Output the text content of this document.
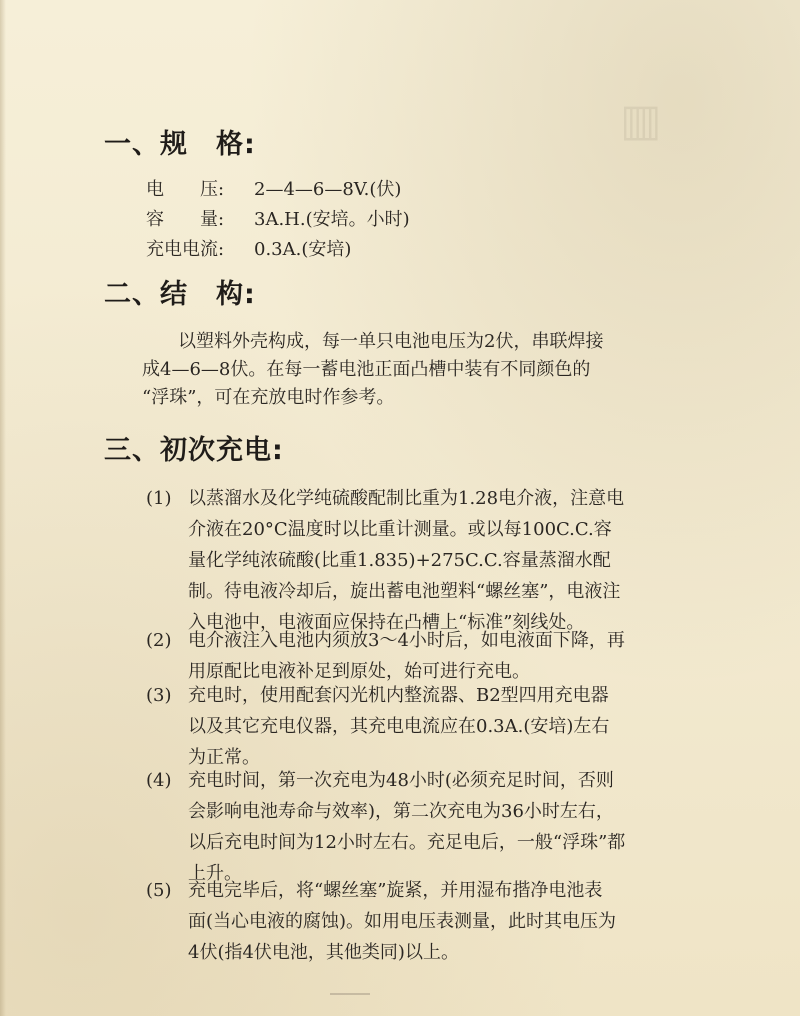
▥
一、规 格:
电　　压: 2—4—6—8V.(伏)
容　　量: 3A.H.(安培。小时)
充电电流: 0.3A.(安培)
二、结 构:
以塑料外壳构成，每一单只电池电压为2伏，串联焊接
成4—6—8伏。在每一蓄电池正面凸槽中装有不同颜色的
“浮珠”，可在充放电时作参考。
三、初次充电:
(1) 以蒸溜水及化学纯硫酸配制比重为1.28电介液，注意电
介液在20°C温度时以比重计测量。或以每100C.C.容
量化学纯浓硫酸(比重1.835)+275C.C.容量蒸溜水配
制。待电液冷却后，旋出蓄电池塑料“螺丝塞”，电液注
入电池中，电液面应保持在凸槽上“标准”刻线处。
(2) 电介液注入电池内须放3～4小时后，如电液面下降，再
用原配比电液补足到原处，始可进行充电。
(3) 充电时，使用配套闪光机内整流器、B2型四用充电器
以及其它充电仪器，其充电电流应在0.3A.(安培)左右
为正常。
(4) 充电时间，第一次充电为48小时(必须充足时间，否则
会影响电池寿命与效率)，第二次充电为36小时左右，
以后充电时间为12小时左右。充足电后，一般“浮珠”都
上升。
(5) 充电完毕后，将“螺丝塞”旋紧，并用湿布揩净电池表
面(当心电液的腐蚀)。如用电压表测量，此时其电压为
4伏(指4伏电池，其他类同)以上。
